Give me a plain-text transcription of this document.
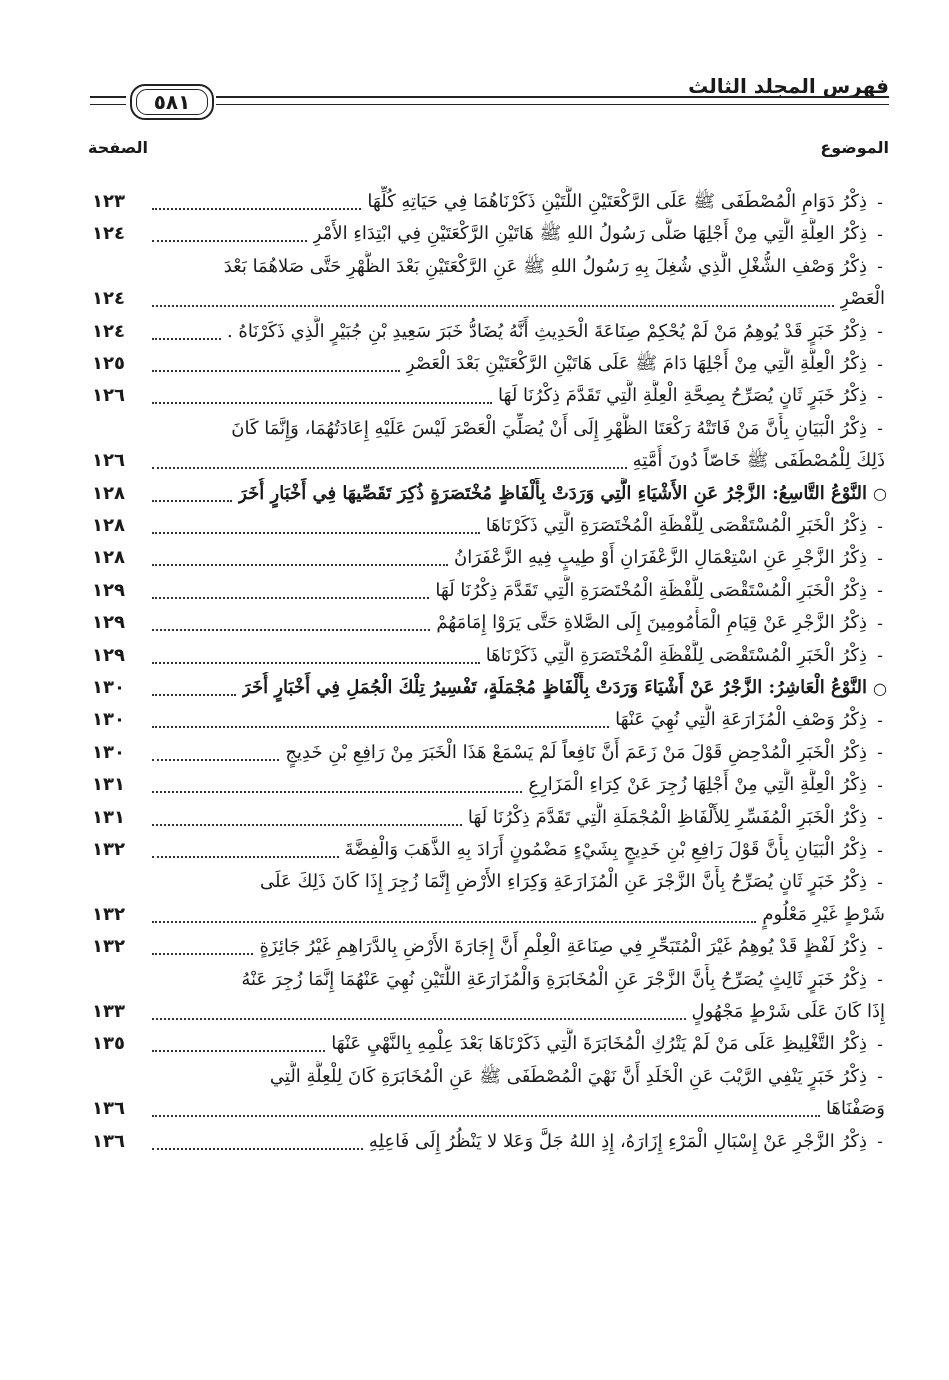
فهرس المجلد الثالث
٥٨١
الموضوع
الصفحة
-
ذِكْرُ دَوَامِ الْمُصْطَفَى ﷺ عَلَى الرَّكْعَتَيْنِ اللَّتَيْنِ ذَكَرْنَاهُمَا فِي حَيَاتِهِ كُلِّهَا
١٢٣
-
ذِكْرُ العِلَّةِ الَّتِي مِنْ أَجْلِهَا صَلَّى رَسُولُ اللهِ ﷺ هَاتَيْنِ الرَّكْعَتَيْنِ فِي ابْتِدَاءِ الأَمْرِ
١٢٤
-
ذِكْرُ وَصْفِ الشُّغْلِ الَّذِي شُغِلَ بِهِ رَسُولُ اللهِ ﷺ عَنِ الرَّكْعَتَيْنِ بَعْدَ الظُّهْرِ حَتَّى صَلاهُمَا بَعْدَ
الْعَصْرِ
١٢٤
-
ذِكْرُ خَبَرٍ قَدْ يُوهِمُ مَنْ لَمْ يُحْكِمْ صِنَاعَةَ الْحَدِيثِ أَنَّهُ يُضَادُّ خَبَرَ سَعِيدِ بْنِ جُبَيْرٍ الَّذِي ذَكَرْنَاهُ .
١٢٤
-
ذِكْرُ الْعِلَّةِ الَّتِي مِنْ أَجْلِهَا دَامَ ﷺ عَلَى هَاتَيْنِ الرَّكْعَتَيْنِ بَعْدَ الْعَصْرِ
١٢٥
-
ذِكْرُ خَبَرٍ ثَانٍ يُصَرِّحُ بِصِحَّةِ الْعِلَّةِ الَّتِي تَقَدَّمَ ذِكْرُنَا لَهَا
١٢٦
-
ذِكْرُ الْبَيَانِ بِأَنَّ مَنْ فَاتَتْهُ رَكْعَتَا الظُّهْرِ إِلَى أَنْ يُصَلِّيَ الْعَصْرَ لَيْسَ عَلَيْهِ إِعَادَتُهُمَا، وَإِنَّمَا كَانَ
ذَلِكَ لِلْمُصْطَفَى ﷺ خَاصّاً دُونَ أُمَّتِهِ
١٢٦
○
النَّوْعُ التَّاسِعُ: الزَّجْرُ عَنِ الأَشْيَاءِ الَّتِي وَرَدَتْ بِأَلْفَاظٍ مُخْتَصَرَةٍ ذُكِرَ تَقَصِّيهَا فِي أَخْبَارٍ أُخَرَ
١٢٨
-
ذِكْرُ الْخَبَرِ الْمُسْتَقْصَى لِلَّفْظَةِ الْمُخْتَصَرَةِ الَّتِي ذَكَرْنَاهَا
١٢٨
-
ذِكْرُ الزَّجْرِ عَنِ اسْتِعْمَالِ الزَّعْفَرَانِ أَوْ طِيبٍ فِيهِ الزَّعْفَرَانُ
١٢٨
-
ذِكْرُ الْخَبَرِ الْمُسْتَقْصَى لِلَّفْظَةِ الْمُخْتَصَرَةِ الَّتِي تَقَدَّمَ ذِكْرُنَا لَهَا
١٢٩
-
ذِكْرُ الزَّجْرِ عَنْ قِيَامِ الْمَأْمُومِينَ إِلَى الصَّلاةِ حَتَّى يَرَوْا إِمَامَهُمْ
١٢٩
-
ذِكْرُ الْخَبَرِ الْمُسْتَقْصَى لِلَّفْظَةِ الْمُخْتَصَرَةِ الَّتِي ذَكَرْنَاهَا
١٢٩
○
النَّوْعُ الْعَاشِرُ: الزَّجْرُ عَنْ أَشْيَاءَ وَرَدَتْ بِأَلْفَاظٍ مُجْمَلَةٍ، تَفْسِيرُ تِلْكَ الْجُمَلِ فِي أَخْبَارٍ أُخَرَ
١٣٠
-
ذِكْرُ وَصْفِ الْمُزَارَعَةِ الَّتِي نُهِيَ عَنْهَا
١٣٠
-
ذِكْرُ الْخَبَرِ الْمُدْحِضِ قَوْلَ مَنْ زَعَمَ أَنَّ نَافِعاً لَمْ يَسْمَعْ هَذَا الْخَبَرَ مِنْ رَافِعِ بْنِ خَدِيجٍ
١٣٠
-
ذِكْرُ الْعِلَّةِ الَّتِي مِنْ أَجْلِهَا زُجِرَ عَنْ كِرَاءِ الْمَزَارِعِ
١٣١
-
ذِكْرُ الْخَبَرِ الْمُفَسِّرِ لِلأَلْفَاظِ الْمُجْمَلَةِ الَّتِي تَقَدَّمَ ذِكْرُنَا لَهَا
١٣١
-
ذِكْرُ الْبَيَانِ بِأَنَّ قَوْلَ رَافِعِ بْنِ خَدِيجٍ بِشَيْءٍ مَضْمُونٍ أَرَادَ بِهِ الذَّهَبَ وَالْفِضَّةَ
١٣٢
-
ذِكْرُ خَبَرٍ ثَانٍ يُصَرِّحُ بِأَنَّ الزَّجْرَ عَنِ الْمُزَارَعَةِ وَكِرَاءِ الأَرْضِ إِنَّمَا زُجِرَ إِذَا كَانَ ذَلِكَ عَلَى
شَرْطٍ غَيْرِ مَعْلُومٍ
١٣٢
-
ذِكْرُ لَفْظٍ قَدْ يُوهِمُ غَيْرَ الْمُتَبَحِّرِ فِي صِنَاعَةِ الْعِلْمِ أَنَّ إِجَارَةَ الأَرْضِ بِالدَّرَاهِمِ غَيْرُ جَائِزَةٍ
١٣٢
-
ذِكْرُ خَبَرٍ ثَالِثٍ يُصَرِّحُ بِأَنَّ الزَّجْرَ عَنِ الْمُخَابَرَةِ وَالْمُزَارَعَةِ اللَّتَيْنِ نُهِيَ عَنْهُمَا إِنَّمَا زُجِرَ عَنْهُ
إِذَا كَانَ عَلَى شَرْطٍ مَجْهُولٍ
١٣٣
-
ذِكْرُ التَّغْلِيظِ عَلَى مَنْ لَمْ يَتْرُكِ الْمُخَابَرَةَ الَّتِي ذَكَرْنَاهَا بَعْدَ عِلْمِهِ بِالنَّهْيِ عَنْهَا
١٣٥
-
ذِكْرُ خَبَرٍ يَنْفِي الرَّيْبَ عَنِ الْخَلَدِ أَنَّ نَهْيَ الْمُصْطَفَى ﷺ عَنِ الْمُخَابَرَةِ كَانَ لِلْعِلَّةِ الَّتِي
وَصَفْنَاهَا
١٣٦
-
ذِكْرُ الزَّجْرِ عَنْ إِسْبَالِ الْمَرْءِ إِزَارَهُ، إِذِ اللهُ جَلَّ وَعَلا لا يَنْظُرُ إِلَى فَاعِلِهِ
١٣٦
